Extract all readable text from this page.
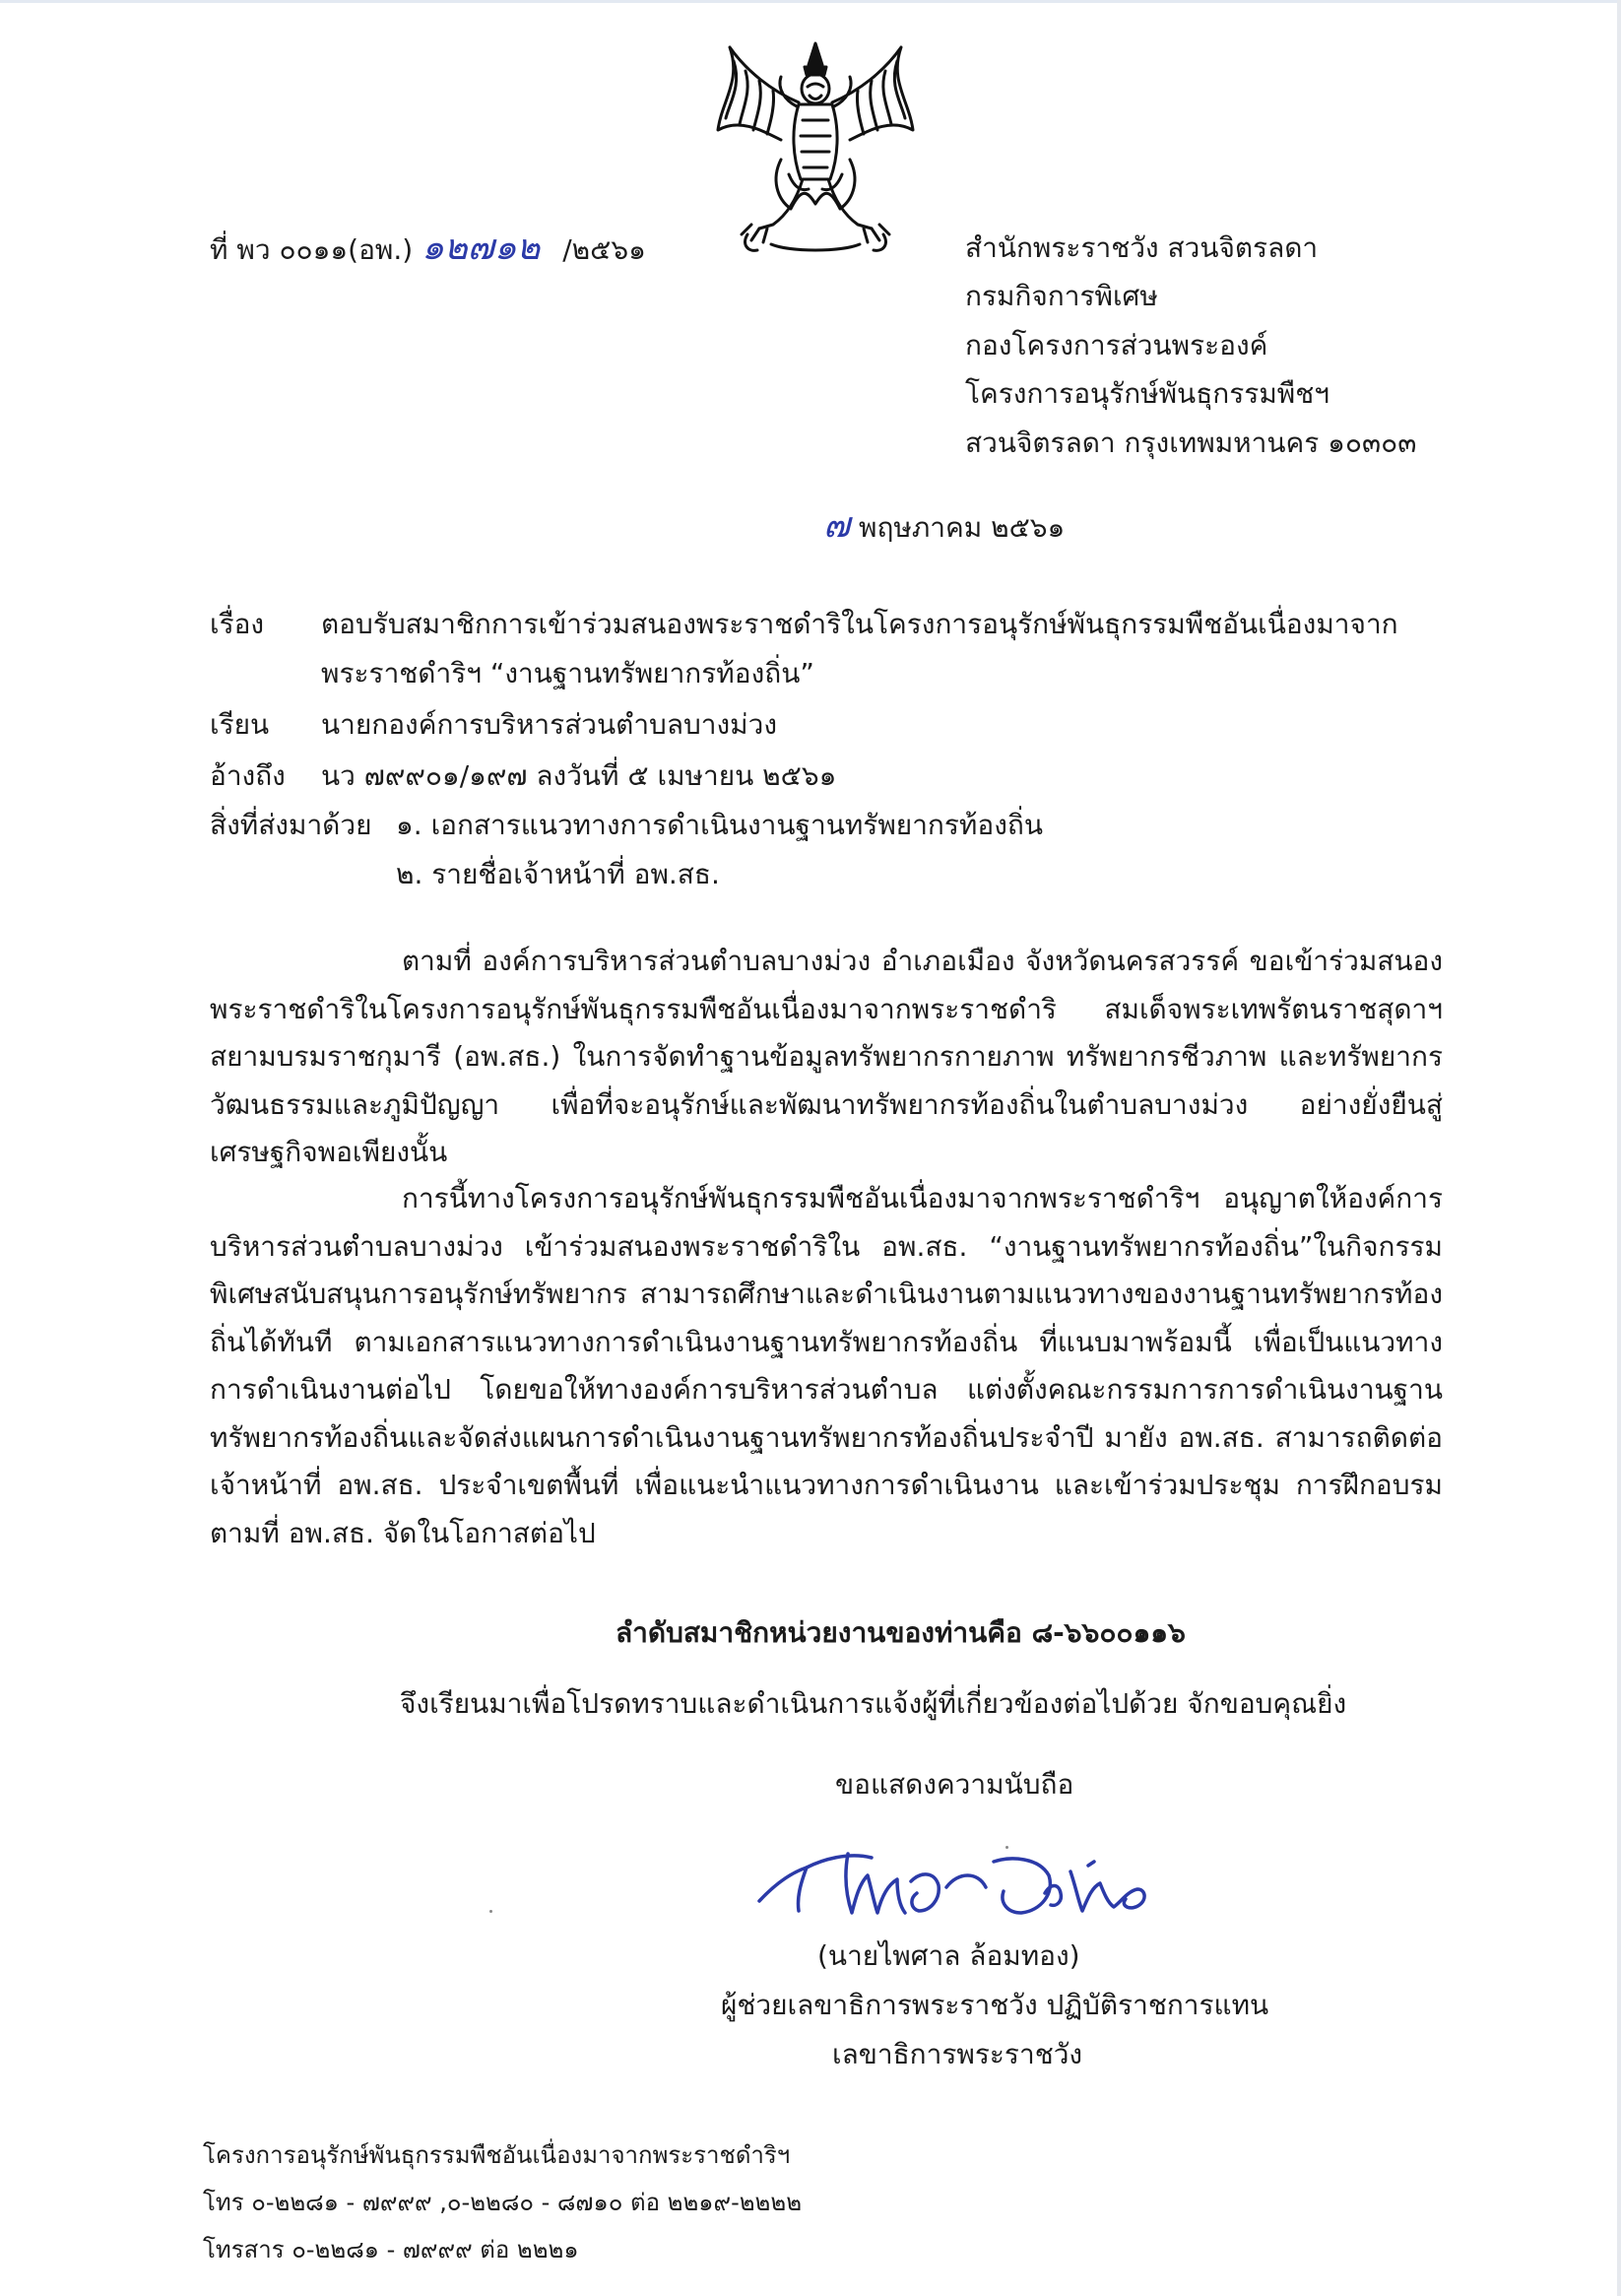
ที่ พว ๐๐๑๑(อพ.) ๑๒๗๑๒ /๒๕๖๑	สำนักพระราชวัง สวนจิตรลดา
กรมกิจการพิเศษ
กองโครงการส่วนพระองค์
โครงการอนุรักษ์พันธุกรรมพืชฯ
สวนจิตรลดา กรุงเทพมหานคร ๑๐๓๐๓
๗ พฤษภาคม ๒๕๖๑
เรื่อง ตอบรับสมาชิกการเข้าร่วมสนองพระราชดำริในโครงการอนุรักษ์พันธุกรรมพืชอันเนื่องมาจาก
พระราชดำริฯ “งานฐานทรัพยากรท้องถิ่น”
เรียน นายกองค์การบริหารส่วนตำบลบางม่วง
อ้างถึง นว ๗๙๙๐๑/๑๙๗ ลงวันที่ ๕ เมษายน ๒๕๖๑
สิ่งที่ส่งมาด้วย ๑. เอกสารแนวทางการดำเนินงานฐานทรัพยากรท้องถิ่น
๒. รายชื่อเจ้าหน้าที่ อพ.สธ.
ตามที่ องค์การบริหารส่วนตำบลบางม่วง อำเภอเมือง จังหวัดนครสวรรค์ ขอเข้าร่วมสนองพระราชดำริในโครงการอนุรักษ์พันธุกรรมพืชอันเนื่องมาจากพระราชดำริ สมเด็จพระเทพรัตนราชสุดาฯ สยามบรมราชกุมารี (อพ.สธ.) ในการจัดทำฐานข้อมูลทรัพยากรกายภาพ ทรัพยากรชีวภาพ และทรัพยากรวัฒนธรรมและภูมิปัญญา เพื่อที่จะอนุรักษ์และพัฒนาทรัพยากรท้องถิ่นในตำบลบางม่วง อย่างยั่งยืนสู่เศรษฐกิจพอเพียงนั้น
การนี้ทางโครงการอนุรักษ์พันธุกรรมพืชอันเนื่องมาจากพระราชดำริฯ อนุญาตให้องค์การบริหารส่วนตำบลบางม่วง เข้าร่วมสนองพระราชดำริใน อพ.สธ. “งานฐานทรัพยากรท้องถิ่น”ในกิจกรรมพิเศษสนับสนุนการอนุรักษ์ทรัพยากร สามารถศึกษาและดำเนินงานตามแนวทางของงานฐานทรัพยากรท้องถิ่นได้ทันที ตามเอกสารแนวทางการดำเนินงานฐานทรัพยากรท้องถิ่น ที่แนบมาพร้อมนี้ เพื่อเป็นแนวทางการดำเนินงานต่อไป โดยขอให้ทางองค์การบริหารส่วนตำบล แต่งตั้งคณะกรรมการการดำเนินงานฐานทรัพยากรท้องถิ่นและจัดส่งแผนการดำเนินงานฐานทรัพยากรท้องถิ่นประจำปี มายัง อพ.สธ. สามารถติดต่อเจ้าหน้าที่ อพ.สธ. ประจำเขตพื้นที่ เพื่อแนะนำแนวทางการดำเนินงาน และเข้าร่วมประชุม การฝึกอบรม ตามที่ อพ.สธ. จัดในโอกาสต่อไป
ลำดับสมาชิกหน่วยงานของท่านคือ ๘-๖๖๐๐๑๑๖
จึงเรียนมาเพื่อโปรดทราบและดำเนินการแจ้งผู้ที่เกี่ยวข้องต่อไปด้วย จักขอบคุณยิ่ง
ขอแสดงความนับถือ
(นายไพศาล ล้อมทอง)
ผู้ช่วยเลขาธิการพระราชวัง ปฏิบัติราชการแทน
เลขาธิการพระราชวัง
โครงการอนุรักษ์พันธุกรรมพืชอันเนื่องมาจากพระราชดำริฯ
โทร ๐-๒๒๘๑ - ๗๙๙๙ ,๐-๒๒๘๐ - ๘๗๑๐ ต่อ ๒๒๑๙-๒๒๒๒
โทรสาร ๐-๒๒๘๑ - ๗๙๙๙ ต่อ ๒๒๒๑
